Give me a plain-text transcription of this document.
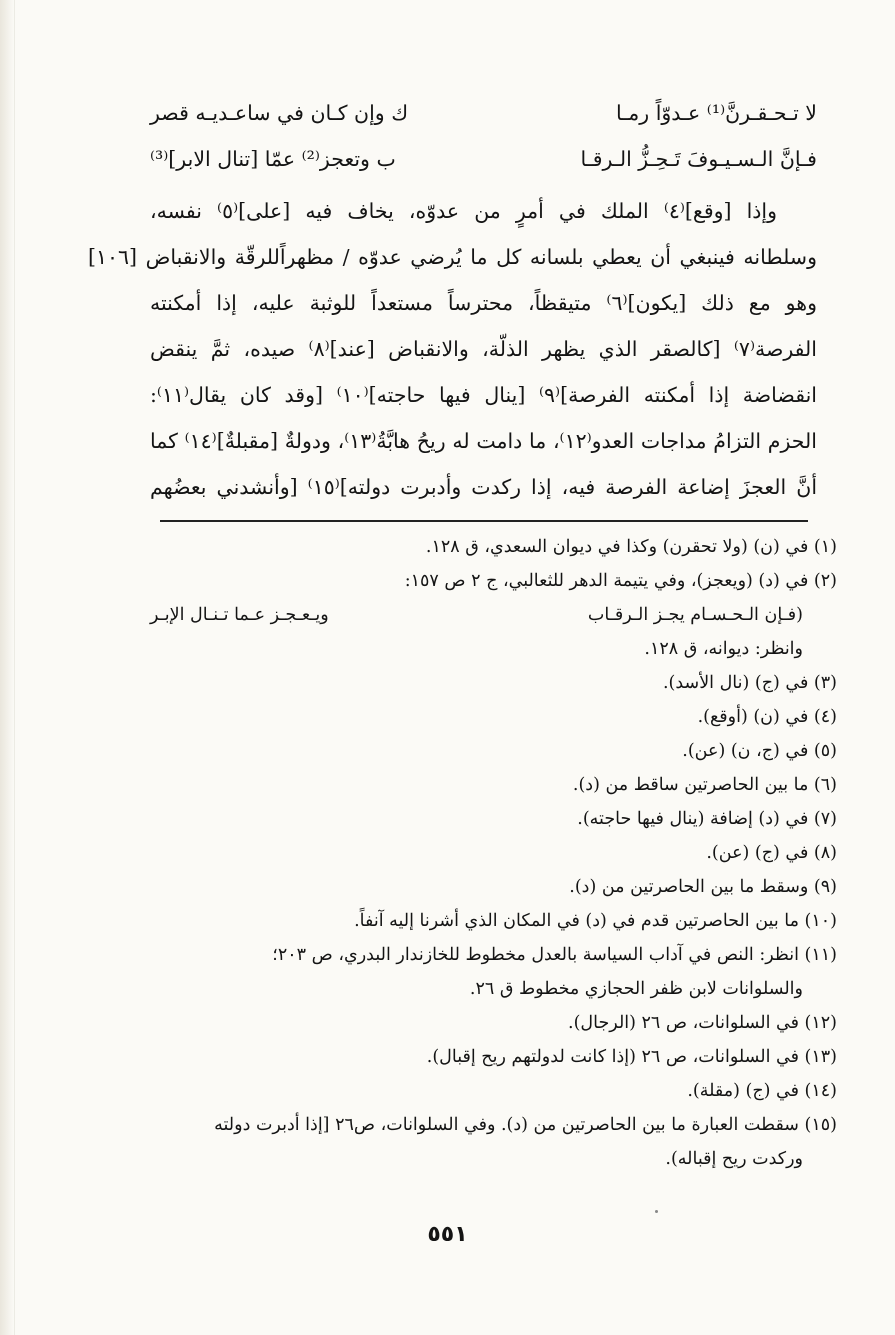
لا تـحـقـرنَّ⁽¹⁾ عـدوّاً رمـا
ك وإن كـان في ساعـديـه قصر
فـإنَّ الـسـيـوفَ تَـحِـزُّ الـرقـا
ب وتعجز⁽²⁾ عمّا [تنال الابر]⁽³⁾
وإذا [وقع]⁽٤⁾ الملك في أمرٍ من عدوّه، يخاف فيه [على]⁽٥⁾ نفسه،
وسلطانه فينبغي أن يعطي بلسانه كل ما يُرضي عدوّه / مظهراًللرقّة والانقباض [١٠٦]
وهو مع ذلك [يكون]⁽٦⁾ متيقظاً، محترساً مستعداً للوثبة عليه، إذا أمكنته
الفرصة⁽٧⁾ [كالصقر الذي يظهر الذلّة، والانقباض [عند]⁽٨⁾ صيده، ثمَّ ينقض
انقضاضة إذا أمكنته الفرصة]⁽٩⁾ [ينال فيها حاجته]⁽١٠⁾ [وقد كان يقال⁽١١⁾:
الحزم التزامُ مداجات العدو⁽١٢⁾، ما دامت له ريحُ هابَّةُ⁽١٣⁾، ودولةٌ [مقبلةٌ]⁽١٤⁾ كما
أنَّ العجزَ إضاعة الفرصة فيه، إذا ركدت وأدبرت دولته]⁽١٥⁾ [وأنشدني بعضُهم
(١) في (ن) (ولا تحقرن) وكذا في ديوان السعدي، ق ١٢٨.
(٢) في (د) (ويعجز)، وفي يتيمة الدهر للثعالبي، ج ٢ ص ١٥٧:
(فـإن الـحـسـام يجـز الـرقـاب
ويـعـجـز عـما تـنـال الإبـر
وانظر: ديوانه، ق ١٢٨.
(٣) في (ج) (نال الأسد).
(٤) في (ن) (أوقع).
(٥) في (ج، ن) (عن).
(٦) ما بين الحاصرتين ساقط من (د).
(٧) في (د) إضافة (ينال فيها حاجته).
(٨) في (ج) (عن).
(٩) وسقط ما بين الحاصرتين من (د).
(١٠) ما بين الحاصرتين قدم في (د) في المكان الذي أشرنا إليه آنفاً.
(١١) انظر: النص في آداب السياسة بالعدل مخطوط للخازندار البدري، ص ٢٠٣؛
والسلوانات لابن ظفر الحجازي مخطوط ق ٢٦.
(١٢) في السلوانات، ص ٢٦ (الرجال).
(١٣) في السلوانات، ص ٢٦ (إذا كانت لدولتهم ريح إقبال).
(١٤) في (ج) (مقلة).
(١٥) سقطت العبارة ما بين الحاصرتين من (د). وفي السلوانات، ص٢٦ [إذا أدبرت دولته
وركدت ريح إقباله).
٥٥١
